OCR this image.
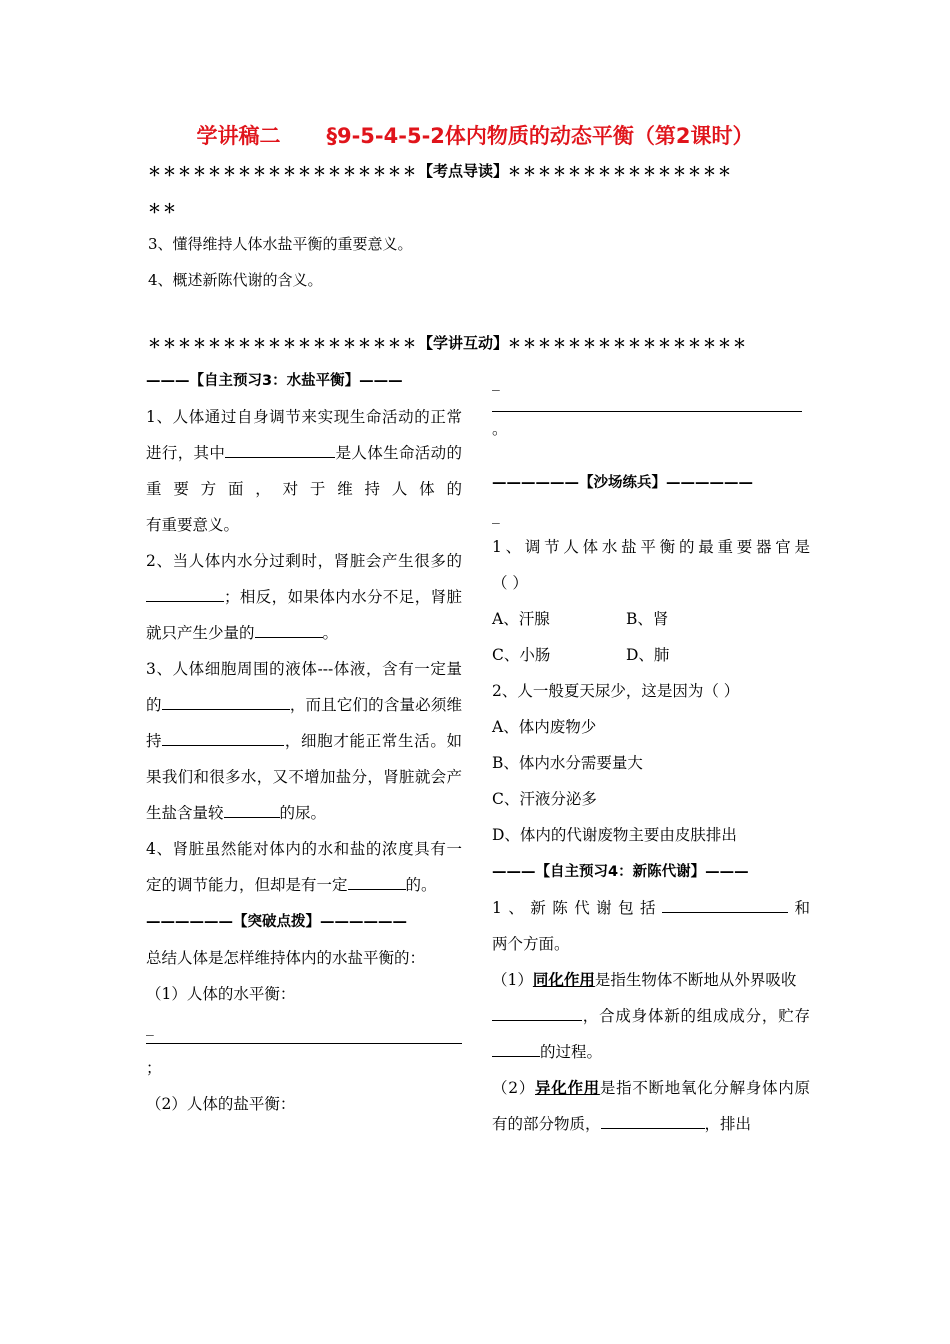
学讲稿二 §9-5-4-5-2体内物质的动态平衡（第2课时）
＊＊＊＊＊＊＊＊＊＊＊＊＊＊＊＊＊＊【考点导读】＊＊＊＊＊＊＊＊＊＊＊＊＊＊＊
＊＊
3、懂得维持人体水盐平衡的重要意义。
4、概述新陈代谢的含义。
＊＊＊＊＊＊＊＊＊＊＊＊＊＊＊＊＊＊【学讲互动】＊＊＊＊＊＊＊＊＊＊＊＊＊＊＊＊

———【自主预习3：水盐平衡】———

1、人体通过自身调节来实现生命活动的正常进行，其中	是人体生命活动的重要方面，对于维持人体的

有重要意义。

2、当人体内水分过剩时，肾脏会产生很多的；相反，如果体内水分不足，肾脏就只产生少量的	。

3、人体细胞周围的液体---体液，含有一定量的	，而且它们的含量必须维持	，细胞才能正常生活。如果我们和很多水，又不增加盐分，肾脏就会产生盐含量较	的尿。

4、肾脏虽然能对体内的水和盐的浓度具有一定的调节能力，但却是有一定	的。

——————【突破点拨】——————

总结人体是怎样维持体内的水盐平衡的：

（1）人体的水平衡：

_

；

（2）人体的盐平衡：

_

。

——————【沙场练兵】——————

_

1、调节人体水盐平衡的最重要器官是

（ ）

A、汗腺	B、肾

C、小肠	D、肺

2、人一般夏天尿少，这是因为（ ）

A、体内废物少

B、体内水分需要量大

C、汗液分泌多

D、体内的代谢废物主要由皮肤排出

———【自主预习4：新陈代谢】———

1、新陈代谢包括	和

两个方面。

（1）同化作用是指生物体不断地从外界吸收

，合成身体新的组成成分，贮存的过程。

（2）异化作用是指不断地氧化分解身体内原有的部分物质，	，排出
